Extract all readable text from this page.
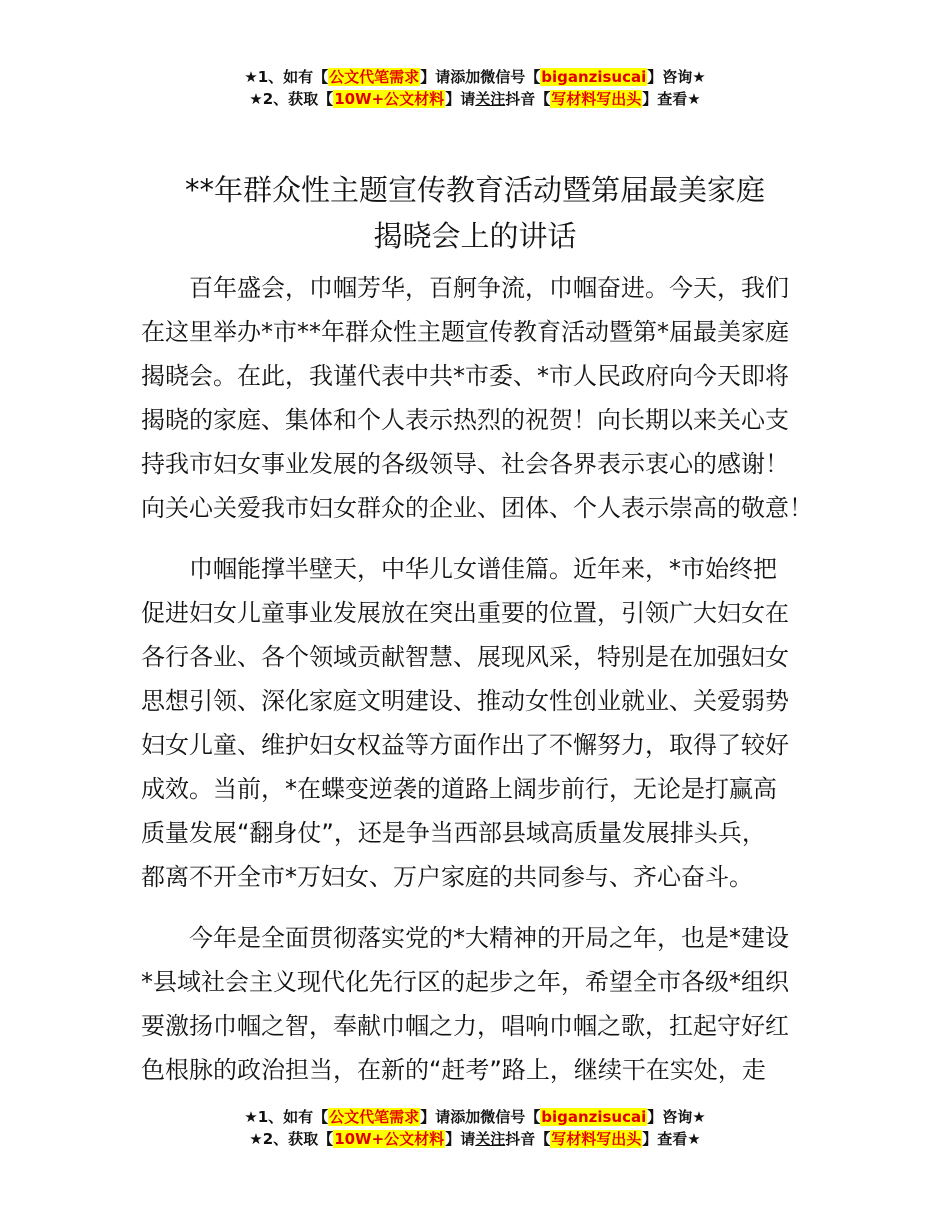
★1、如有【公文代笔需求】请添加微信号【biganzisucai】咨询★
★2、获取【10W+公文材料】请关注抖音【写材料写出头】查看★
**年群众性主题宣传教育活动暨第届最美家庭
揭晓会上的讲话
百年盛会，巾帼芳华，百舸争流，巾帼奋进。今天，我们
在这里举办*市**年群众性主题宣传教育活动暨第*届最美家庭
揭晓会。在此，我谨代表中共*市委、*市人民政府向今天即将
揭晓的家庭、集体和个人表示热烈的祝贺！向长期以来关心支
持我市妇女事业发展的各级领导、社会各界表示衷心的感谢！
向关心关爱我市妇女群众的企业、团体、个人表示崇高的敬意！
巾帼能撑半壁天，中华儿女谱佳篇。近年来，*市始终把
促进妇女儿童事业发展放在突出重要的位置，引领广大妇女在
各行各业、各个领域贡献智慧、展现风采，特别是在加强妇女
思想引领、深化家庭文明建设、推动女性创业就业、关爱弱势
妇女儿童、维护妇女权益等方面作出了不懈努力，取得了较好
成效。当前，*在蝶变逆袭的道路上阔步前行，无论是打赢高
质量发展“翻身仗”，还是争当西部县域高质量发展排头兵，
都离不开全市*万妇女、万户家庭的共同参与、齐心奋斗。
今年是全面贯彻落实党的*大精神的开局之年，也是*建设
*县域社会主义现代化先行区的起步之年，希望全市各级*组织
要激扬巾帼之智，奉献巾帼之力，唱响巾帼之歌，扛起守好红
色根脉的政治担当，在新的“赶考”路上，继续干在实处，走
★1、如有【公文代笔需求】请添加微信号【biganzisucai】咨询★
★2、获取【10W+公文材料】请关注抖音【写材料写出头】查看★
